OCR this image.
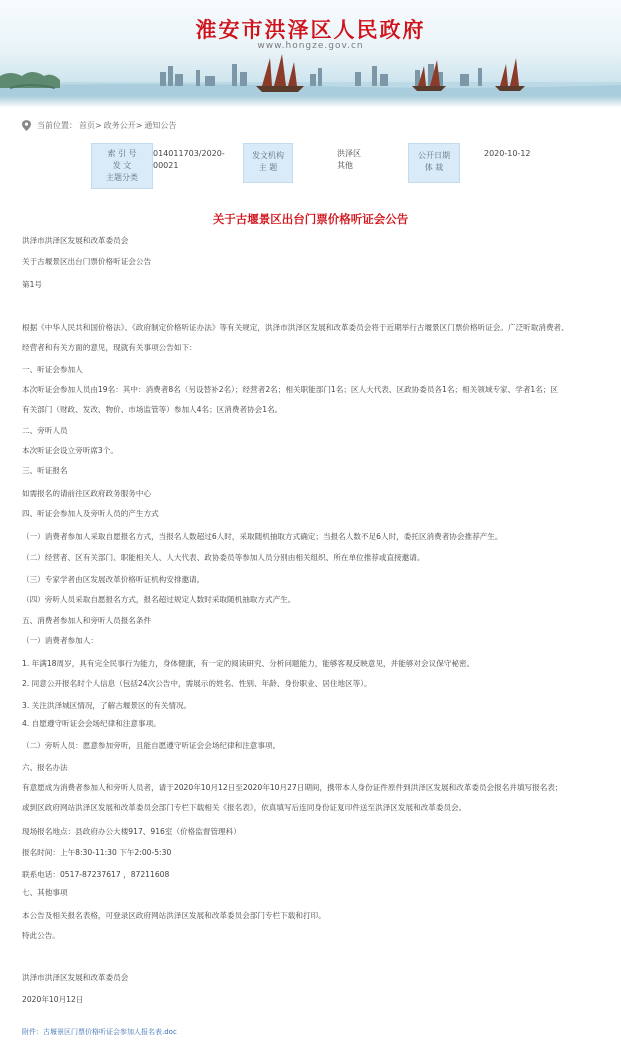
淮安市洪泽区人民政府
www.hongze.gov.cn
当前位置： 首页 > 政务公开 > 通知公告
索 引 号
发 文
主题分类
014011703/2020-00021
发文机构
主 题
洪泽区
其他
公开日期
体 裁
2020-10-12
关于古堰景区出台门票价格听证会公告
洪泽市洪泽区发展和改革委员会
关于古堰景区出台门票价格听证会公告
第1号
根据《中华人民共和国价格法》、《政府制定价格听证办法》等有关规定，洪泽市洪泽区发展和改革委员会将于近期举行古堰景区门票价格听证会。广泛听取消费者、
经营者和有关方面的意见，现就有关事项公告如下：
一、听证会参加人
本次听证会参加人员由19名：其中：消费者8名（另设替补2名）；经营者2名；相关职能部门1名；区人大代表、区政协委员各1名；相关领域专家、学者1名；区
有关部门（财政、发改、物价、市场监管等）参加人4名；区消费者协会1名。
二、旁听人员
本次听证会设立旁听席3个。
三、听证报名
如需报名的请前往区政府政务服务中心
四、听证会参加人及旁听人员的产生方式
（一）消费者参加人采取自愿报名方式，当报名人数超过6人时，采取随机抽取方式确定；当报名人数不足6人时，委托区消费者协会推荐产生。
（二）经营者、区有关部门、职能相关人、人大代表、政协委员等参加人员分别由相关组织、所在单位推荐或直接邀请。
（三）专家学者由区发展改革价格听证机构安排邀请。
（四）旁听人员采取自愿报名方式，报名超过规定人数时采取随机抽取方式产生。
五、消费者参加人和旁听人员报名条件
（一）消费者参加人：
1. 年满18周岁，具有完全民事行为能力，身体健康，有一定的阅读研究、分析问题能力，能够客观反映意见，并能够对会议保守秘密。
2. 同意公开报名时个人信息（包括24次公告中，需展示的姓名、性别、年龄、身份职业、居住地区等）。
3. 关注洪泽城区情况，了解古堰景区的有关情况。
4. 自愿遵守听证会会场纪律和注意事项。
（二）旁听人员：愿意参加旁听，且能自愿遵守听证会会场纪律和注意事项。
六、报名办法
有意愿成为消费者参加人和旁听人员者，请于2020年10月12日至2020年10月27日期间，携带本人身份证件原件到洪泽区发展和改革委员会报名并填写报名表；
或到区政府网站洪泽区发展和改革委员会部门专栏下载相关《报名表》，依真填写后连同身份证复印件送至洪泽区发展和改革委员会。
现场报名地点：县政府办公大楼917、916室（价格监督管理科）
报名时间：上午8:30-11:30 下午2:00-5:30
联系电话：0517-87237617 ，87211608
七、其他事项
本公告及相关报名表格，可登录区政府网站洪泽区发展和改革委员会部门专栏下载和打印。
特此公告。
洪泽市洪泽区发展和改革委员会
2020年10月12日
附件：古堰景区门票价格听证会参加人报名表.doc
